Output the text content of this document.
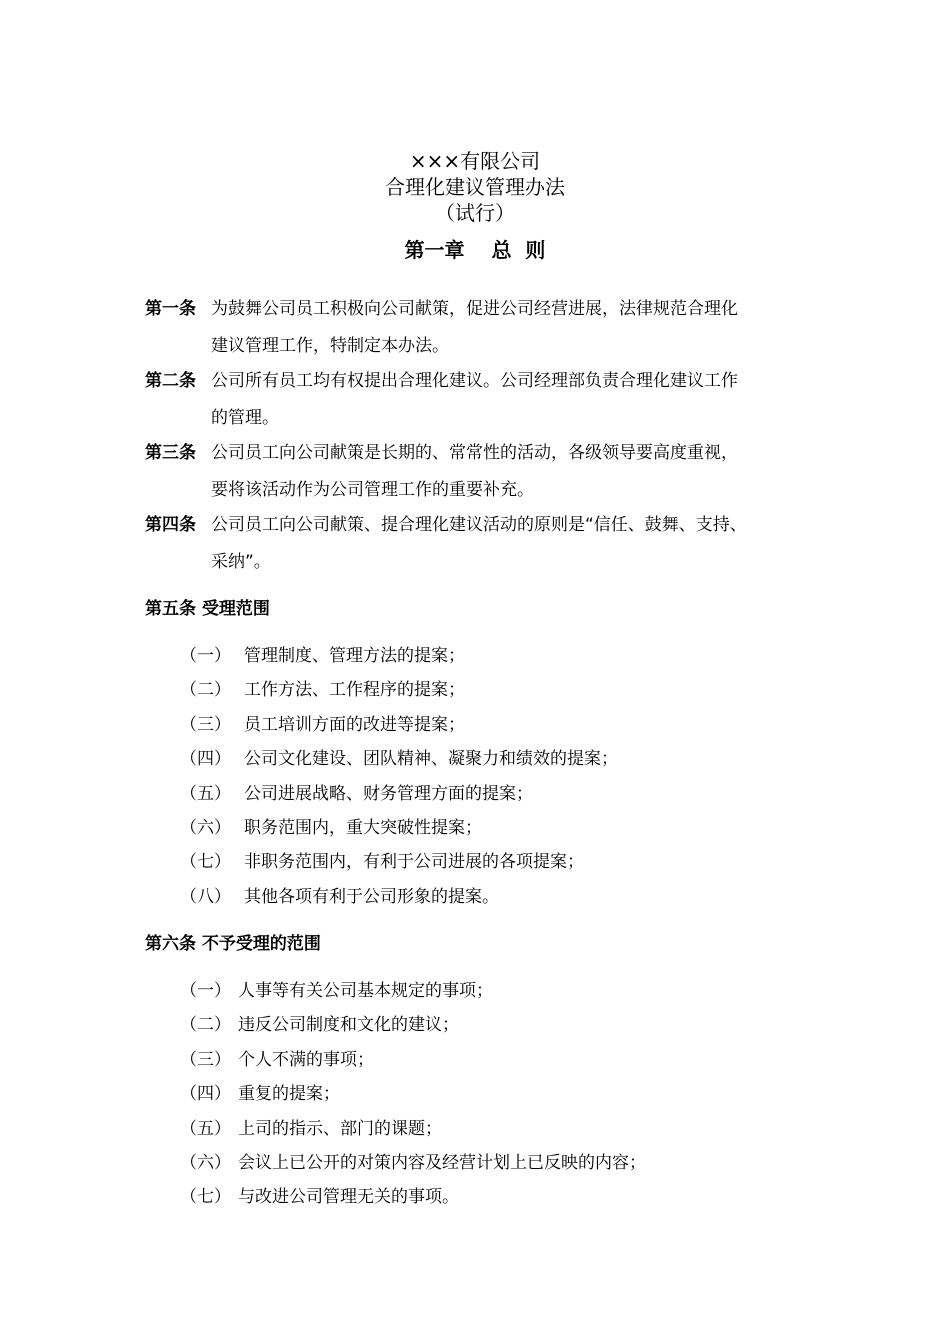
×××有限公司
合理化建议管理办法
（试行）
第一章　 总  则
第一条 为鼓舞公司员工积极向公司献策，促进公司经营进展，法律规范合理化
建议管理工作，特制定本办法。
第二条 公司所有员工均有权提出合理化建议。公司经理部负责合理化建议工作
的管理。
第三条 公司员工向公司献策是长期的、常常性的活动，各级领导要高度重视，
要将该活动作为公司管理工作的重要补充。
第四条 公司员工向公司献策、提合理化建议活动的原则是“信任、鼓舞、支持、
采纳”。
第五条 受理范围
（一） 管理制度、管理方法的提案；
（二） 工作方法、工作程序的提案；
（三） 员工培训方面的改进等提案；
（四） 公司文化建设、团队精神、凝聚力和绩效的提案；
（五） 公司进展战略、财务管理方面的提案；
（六） 职务范围内，重大突破性提案；
（七） 非职务范围内，有利于公司进展的各项提案；
（八） 其他各项有利于公司形象的提案。
第六条 不予受理的范围
（一） 人事等有关公司基本规定的事项；
（二） 违反公司制度和文化的建议；
（三） 个人不满的事项；
（四） 重复的提案；
（五） 上司的指示、部门的课题；
（六） 会议上已公开的对策内容及经营计划上已反映的内容；
（七） 与改进公司管理无关的事项。
